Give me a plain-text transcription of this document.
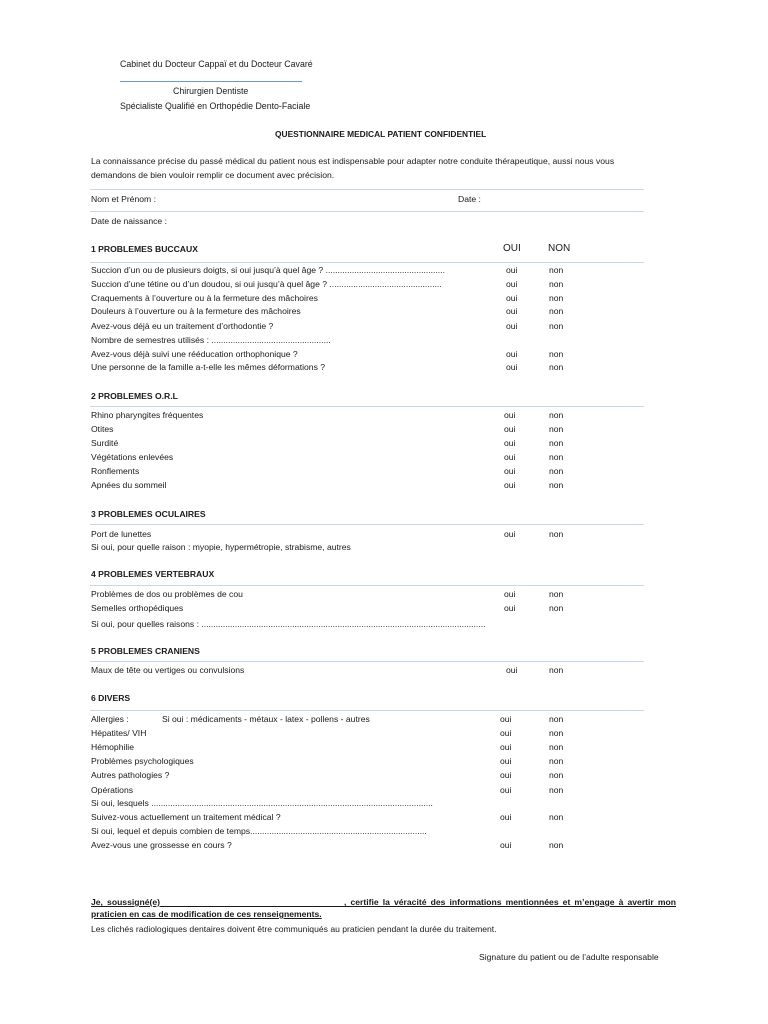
Cabinet du Docteur Cappaï et du Docteur Cavaré
Chirurgien Dentiste
Spécialiste Qualifié en Orthopédie Dento-Faciale
QUESTIONNAIRE MEDICAL PATIENT CONFIDENTIEL
La connaissance précise du passé médical du patient nous est indispensable pour adapter notre conduite thérapeutique, aussi nous vous
demandons de bien vouloir remplir ce document avec précision.
Nom et Prénom :	Date :
Date de naissance :
1 PROBLEMES BUCCAUX	OUI	NON
Succion d’un ou de plusieurs doigts, si oui jusqu’à quel âge ? ..................................................	oui	non
Succion d’une tétine ou d’un doudou, si oui jusqu’à quel âge ? ...............................................	oui	non
Craquements à l’ouverture ou à la fermeture des mâchoires	oui	non
Douleurs à l’ouverture ou à la fermeture des mâchoires	oui	non
Avez-vous déjà eu un traitement d’orthodontie ?	oui	non
Nombre de semestres utilisés : ..................................................
Avez-vous déjà suivi une rééducation orthophonique ?	oui	non
Une personne de la famille a-t-elle les mêmes déformations ?	oui	non
2 PROBLEMES O.R.L
Rhino pharyngites fréquentes	oui	non
Otites	oui	non
Surdité	oui	non
Végétations enlevées	oui	non
Ronflements	oui	non
Apnées du sommeil	oui	non
3 PROBLEMES OCULAIRES
Port de lunettes	oui	non
Si oui, pour quelle raison : myopie, hypermétropie, strabisme, autres
4 PROBLEMES VERTEBRAUX
Problèmes de dos ou problèmes de cou	oui	non
Semelles orthopédiques	oui	non
Si oui, pour quelles raisons : .......................................................................................................................
5 PROBLEMES CRANIENS
Maux de tête ou vertiges ou convulsions	oui	non
6 DIVERS
Allergies :	Si oui : médicaments - métaux - latex - pollens - autres	oui	non
Hépatites/ VIH	oui	non
Hémophilie	oui	non
Problèmes psychologiques	oui	non
Autres pathologies ?	oui	non
Opérations	oui	non
Si oui, lesquels ......................................................................................................................
Suivez-vous actuellement un traitement médical ?	oui	non
Si oui, lequel et depuis combien de temps..........................................................................
Avez-vous une grossesse en cours ?	oui	non
Je, soussigné(e)                                             , certifie la véracité des informations mentionnées et m’engage à avertir mon
praticien en cas de modification de ces renseignements.
Les clichés radiologiques dentaires doivent être communiqués au praticien pendant la durée du traitement.
Signature du patient ou de l’adulte responsable
